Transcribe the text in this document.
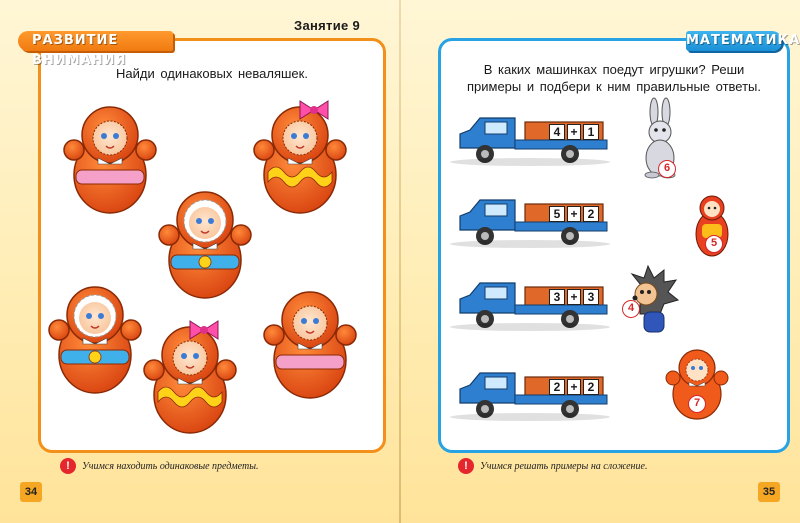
Занятие 9
Найди одинаковых неваляшек.
РАЗВИТИЕ ВНИМАНИЯ
!	Учимся находить одинаковые предметы.
34
В каких машинках поедут игрушки? Реши
примеры и подбери к ним правильные ответы.
МАТЕМАТИКА
4 + 1
5 + 2
3 + 3
2 + 2
6
5
4
7
!	Учимся решать примеры на сложение.
35
